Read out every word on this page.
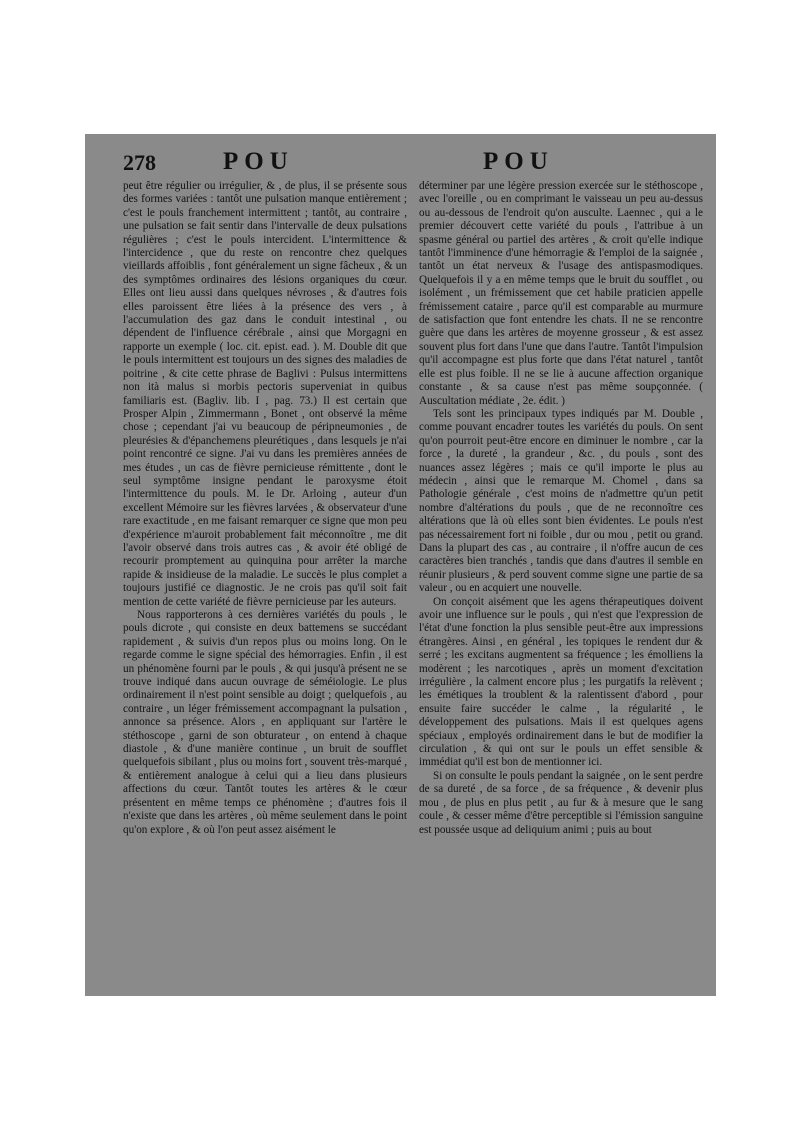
278	POU	POU

peut être régulier ou irrégulier, & , de plus, il se présente sous des formes variées : tantôt une pulsation manque entièrement ; c'est le pouls franchement intermittent ; tantôt, au contraire , une pulsation se fait sentir dans l'intervalle de deux pulsations régulières ; c'est le pouls intercident. L'intermittence & l'intercidence , que du reste on rencontre chez quelques vieillards affoiblis , font généralement un signe fâcheux , & un des symptômes ordinaires des lésions organiques du cœur. Elles ont lieu aussi dans quelques névroses , & d'autres fois elles paroissent être liées à la présence des vers , à l'accumulation des gaz dans le conduit intestinal , ou dépendent de l'influence cérébrale , ainsi que Morgagni en rapporte un exemple ( loc. cit. epist. ead. ). M. Double dit que le pouls intermittent est toujours un des signes des maladies de poitrine , & cite cette phrase de Baglivi : Pulsus intermittens non ità malus si morbis pectoris superveniat in quibus familiaris est. (Bagliv. lib. I , pag. 73.) Il est certain que Prosper Alpin , Zimmermann , Bonet , ont observé la même chose ; cependant j'ai vu beaucoup de péripneumonies , de pleurésies & d'épanchemens pleurétiques , dans lesquels je n'ai point rencontré ce signe. J'ai vu dans les premières années de mes études , un cas de fièvre pernicieuse rémittente , dont le seul symptôme insigne pendant le paroxysme étoit l'intermittence du pouls. M. le Dr. Arloing , auteur d'un excellent Mémoire sur les fièvres larvées , & observateur d'une rare exactitude , en me faisant remarquer ce signe que mon peu d'expérience m'auroit probablement fait méconnoître , me dit l'avoir observé dans trois autres cas , & avoir été obligé de recourir promptement au quinquina pour arrêter la marche rapide & insidieuse de la maladie. Le succès le plus complet a toujours justifié ce diagnostic. Je ne crois pas qu'il soit fait mention de cette variété de fièvre pernicieuse par les auteurs.

Nous rapporterons à ces dernières variétés du pouls , le pouls dicrote , qui consiste en deux battemens se succédant rapidement , & suivis d'un repos plus ou moins long. On le regarde comme le signe spécial des hémorragies. Enfin , il est un phénomène fourni par le pouls , & qui jusqu'à présent ne se trouve indiqué dans aucun ouvrage de séméiologie. Le plus ordinairement il n'est point sensible au doigt ; quelquefois , au contraire , un léger frémissement accompagnant la pulsation , annonce sa présence. Alors , en appliquant sur l'artère le stéthoscope , garni de son obturateur , on entend à chaque diastole , & d'une manière continue , un bruit de soufflet quelquefois sibilant , plus ou moins fort , souvent très-marqué , & entièrement analogue à celui qui a lieu dans plusieurs affections du cœur. Tantôt toutes les artères & le cœur présentent en même temps ce phénomène ; d'autres fois il n'existe que dans les artères , où même seulement dans le point qu'on explore , & où l'on peut assez aisément le

déterminer par une légère pression exercée sur le stéthoscope , avec l'oreille , ou en comprimant le vaisseau un peu au-dessus ou au-dessous de l'endroit qu'on ausculte. Laennec , qui a le premier découvert cette variété du pouls , l'attribue à un spasme général ou partiel des artères , & croit qu'elle indique tantôt l'imminence d'une hémorragie & l'emploi de la saignée , tantôt un état nerveux & l'usage des antispasmodiques. Quelquefois il y a en même temps que le bruit du soufflet , ou isolément , un frémissement que cet habile praticien appelle frémissement cataire , parce qu'il est comparable au murmure de satisfaction que font entendre les chats. Il ne se rencontre guère que dans les artères de moyenne grosseur , & est assez souvent plus fort dans l'une que dans l'autre. Tantôt l'impulsion qu'il accompagne est plus forte que dans l'état naturel , tantôt elle est plus foible. Il ne se lie à aucune affection organique constante , & sa cause n'est pas même soupçonnée. ( Auscultation médiate , 2e. édit. )

Tels sont les principaux types indiqués par M. Double , comme pouvant encadrer toutes les variétés du pouls. On sent qu'on pourroit peut-être encore en diminuer le nombre , car la force , la dureté , la grandeur , &c. , du pouls , sont des nuances assez légères ; mais ce qu'il importe le plus au médecin , ainsi que le remarque M. Chomel , dans sa Pathologie générale , c'est moins de n'admettre qu'un petit nombre d'altérations du pouls , que de ne reconnoître ces altérations que là où elles sont bien évidentes. Le pouls n'est pas nécessairement fort ni foible , dur ou mou , petit ou grand. Dans la plupart des cas , au contraire , il n'offre aucun de ces caractères bien tranchés , tandis que dans d'autres il semble en réunir plusieurs , & perd souvent comme signe une partie de sa valeur , ou en acquiert une nouvelle.

On conçoit aisément que les agens thérapeutiques doivent avoir une influence sur le pouls , qui n'est que l'expression de l'état d'une fonction la plus sensible peut-être aux impressions étrangères. Ainsi , en général , les topiques le rendent dur & serré ; les excitans augmentent sa fréquence ; les émolliens la modèrent ; les narcotiques , après un moment d'excitation irrégulière , la calment encore plus ; les purgatifs la relèvent ; les émétiques la troublent & la ralentissent d'abord , pour ensuite faire succéder le calme , la régularité , le développement des pulsations. Mais il est quelques agens spéciaux , employés ordinairement dans le but de modifier la circulation , & qui ont sur le pouls un effet sensible & immédiat qu'il est bon de mentionner ici.

Si on consulte le pouls pendant la saignée , on le sent perdre de sa dureté , de sa force , de sa fréquence , & devenir plus mou , de plus en plus petit , au fur & à mesure que le sang coule , & cesser même d'être perceptible si l'émission sanguine est poussée usque ad deliquium animi ; puis au bout
